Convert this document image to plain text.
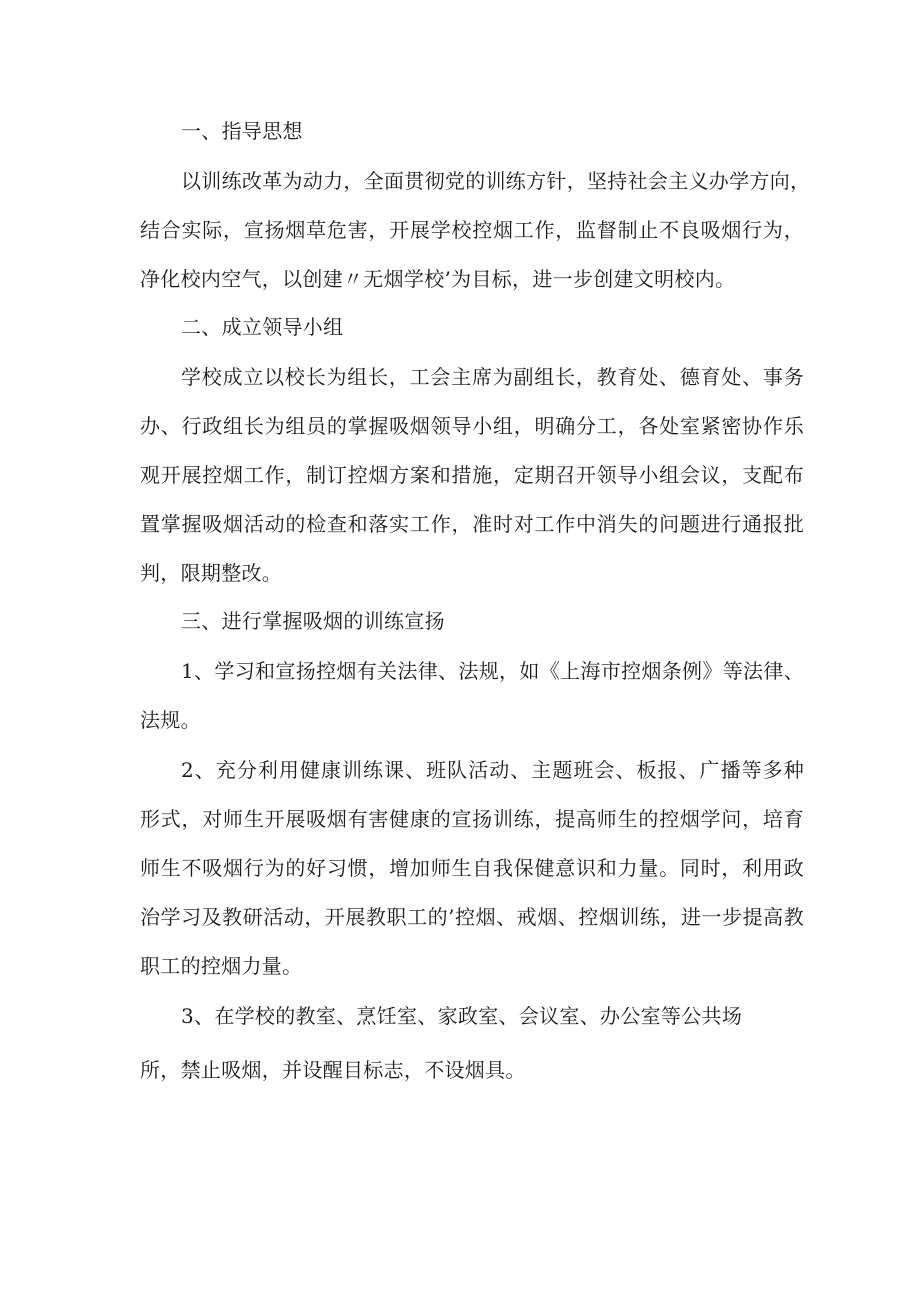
一、指导思想

以训练改革为动力，全面贯彻党的训练方针，坚持社会主义办学方向，

结合实际，宣扬烟草危害，开展学校控烟工作，监督制止不良吸烟行为，

净化校内空气，以创建〃无烟学校’为目标，进一步创建文明校内。

二、成立领导小组

学校成立以校长为组长，工会主席为副组长，教育处、德育处、事务

办、行政组长为组员的掌握吸烟领导小组，明确分工，各处室紧密协作乐

观开展控烟工作，制订控烟方案和措施，定期召开领导小组会议，支配布

置掌握吸烟活动的检查和落实工作，准时对工作中消失的问题进行通报批

判，限期整改。

三、进行掌握吸烟的训练宣扬

1、学习和宣扬控烟有关法律、法规，如《上海市控烟条例》等法律、

法规。

2、充分利用健康训练课、班队活动、主题班会、板报、广播等多种

形式，对师生开展吸烟有害健康的宣扬训练，提高师生的控烟学问，培育

师生不吸烟行为的好习惯，增加师生自我保健意识和力量。同时，利用政

治学习及教研活动，开展教职工的’控烟、戒烟、控烟训练，进一步提高教

职工的控烟力量。

3、在学校的教室、烹饪室、家政室、会议室、办公室等公共场

所，禁止吸烟，并设醒目标志，不设烟具。
